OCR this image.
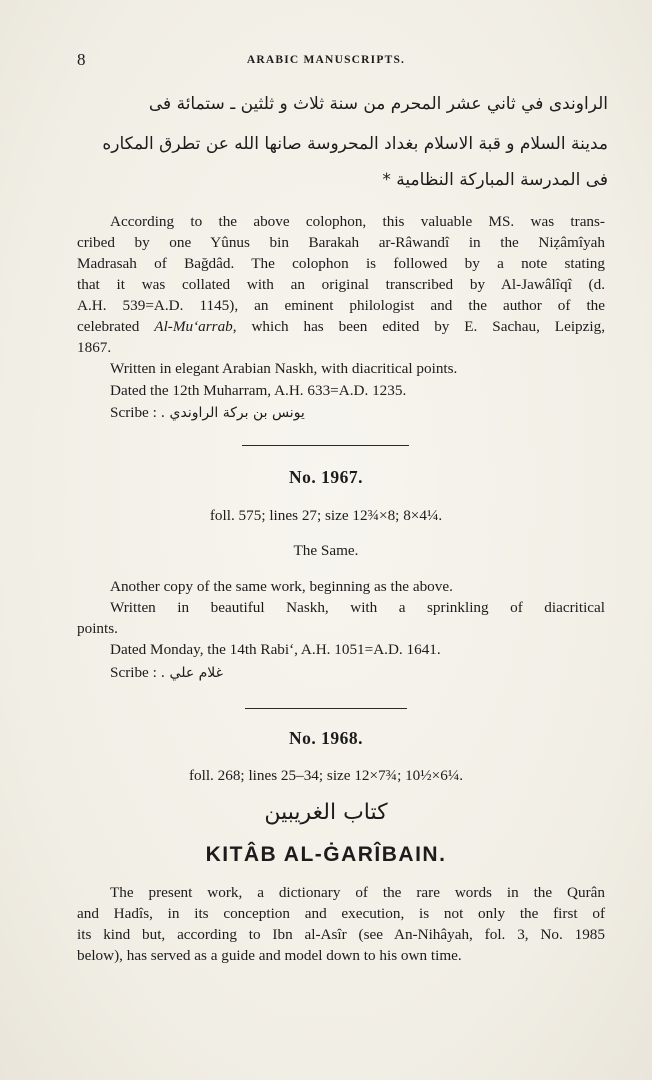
8	ARABIC MANUSCRIPTS.
الراوندى في ثاني عشر المحرم من سنة ثلاث و ثلثين ـ ستمائة فى
مدينة السلام و قبة الاسلام بغداد المحروسة صانها الله عن تطرق المكاره
فى المدرسة المباركة النظامية *
According to the above colophon, this valuable MS. was trans-
cribed by one Yûnus bin Barakah ar-Râwandî in the Niẓâmîyah
Madrasah of Bağdâd. The colophon is followed by a note stating
that it was collated with an original transcribed by Al-Jawâlîqî (d.
A.H. 539=A.D. 1145), an eminent philologist and the author of the
celebrated Al-Mu‘arrab, which has been edited by E. Sachau, Leipzig,
1867.
Written in elegant Arabian Naskh, with diacritical points.
Dated the 12th Muharram, A.H. 633=A.D. 1235.
Scribe : يونس بن بركة الراوندي .
No. 1967.
foll. 575; lines 27; size 12¾×8; 8×4¼.
The Same.
Another copy of the same work, beginning as the above.
Written in beautiful Naskh, with a sprinkling of diacritical
points.
Dated Monday, the 14th Rabi‘, A.H. 1051=A.D. 1641.
Scribe : غلام علي .
No. 1968.
foll. 268; lines 25–34; size 12×7¾; 10½×6¼.
كتاب الغريبين
KITÂB AL-ĠARÎBAIN.
The present work, a dictionary of the rare words in the Qurân
and Hadîs, in its conception and execution, is not only the first of
its kind but, according to Ibn al-Asîr (see An-Nihâyah, fol. 3, No. 1985
below), has served as a guide and model down to his own time.
